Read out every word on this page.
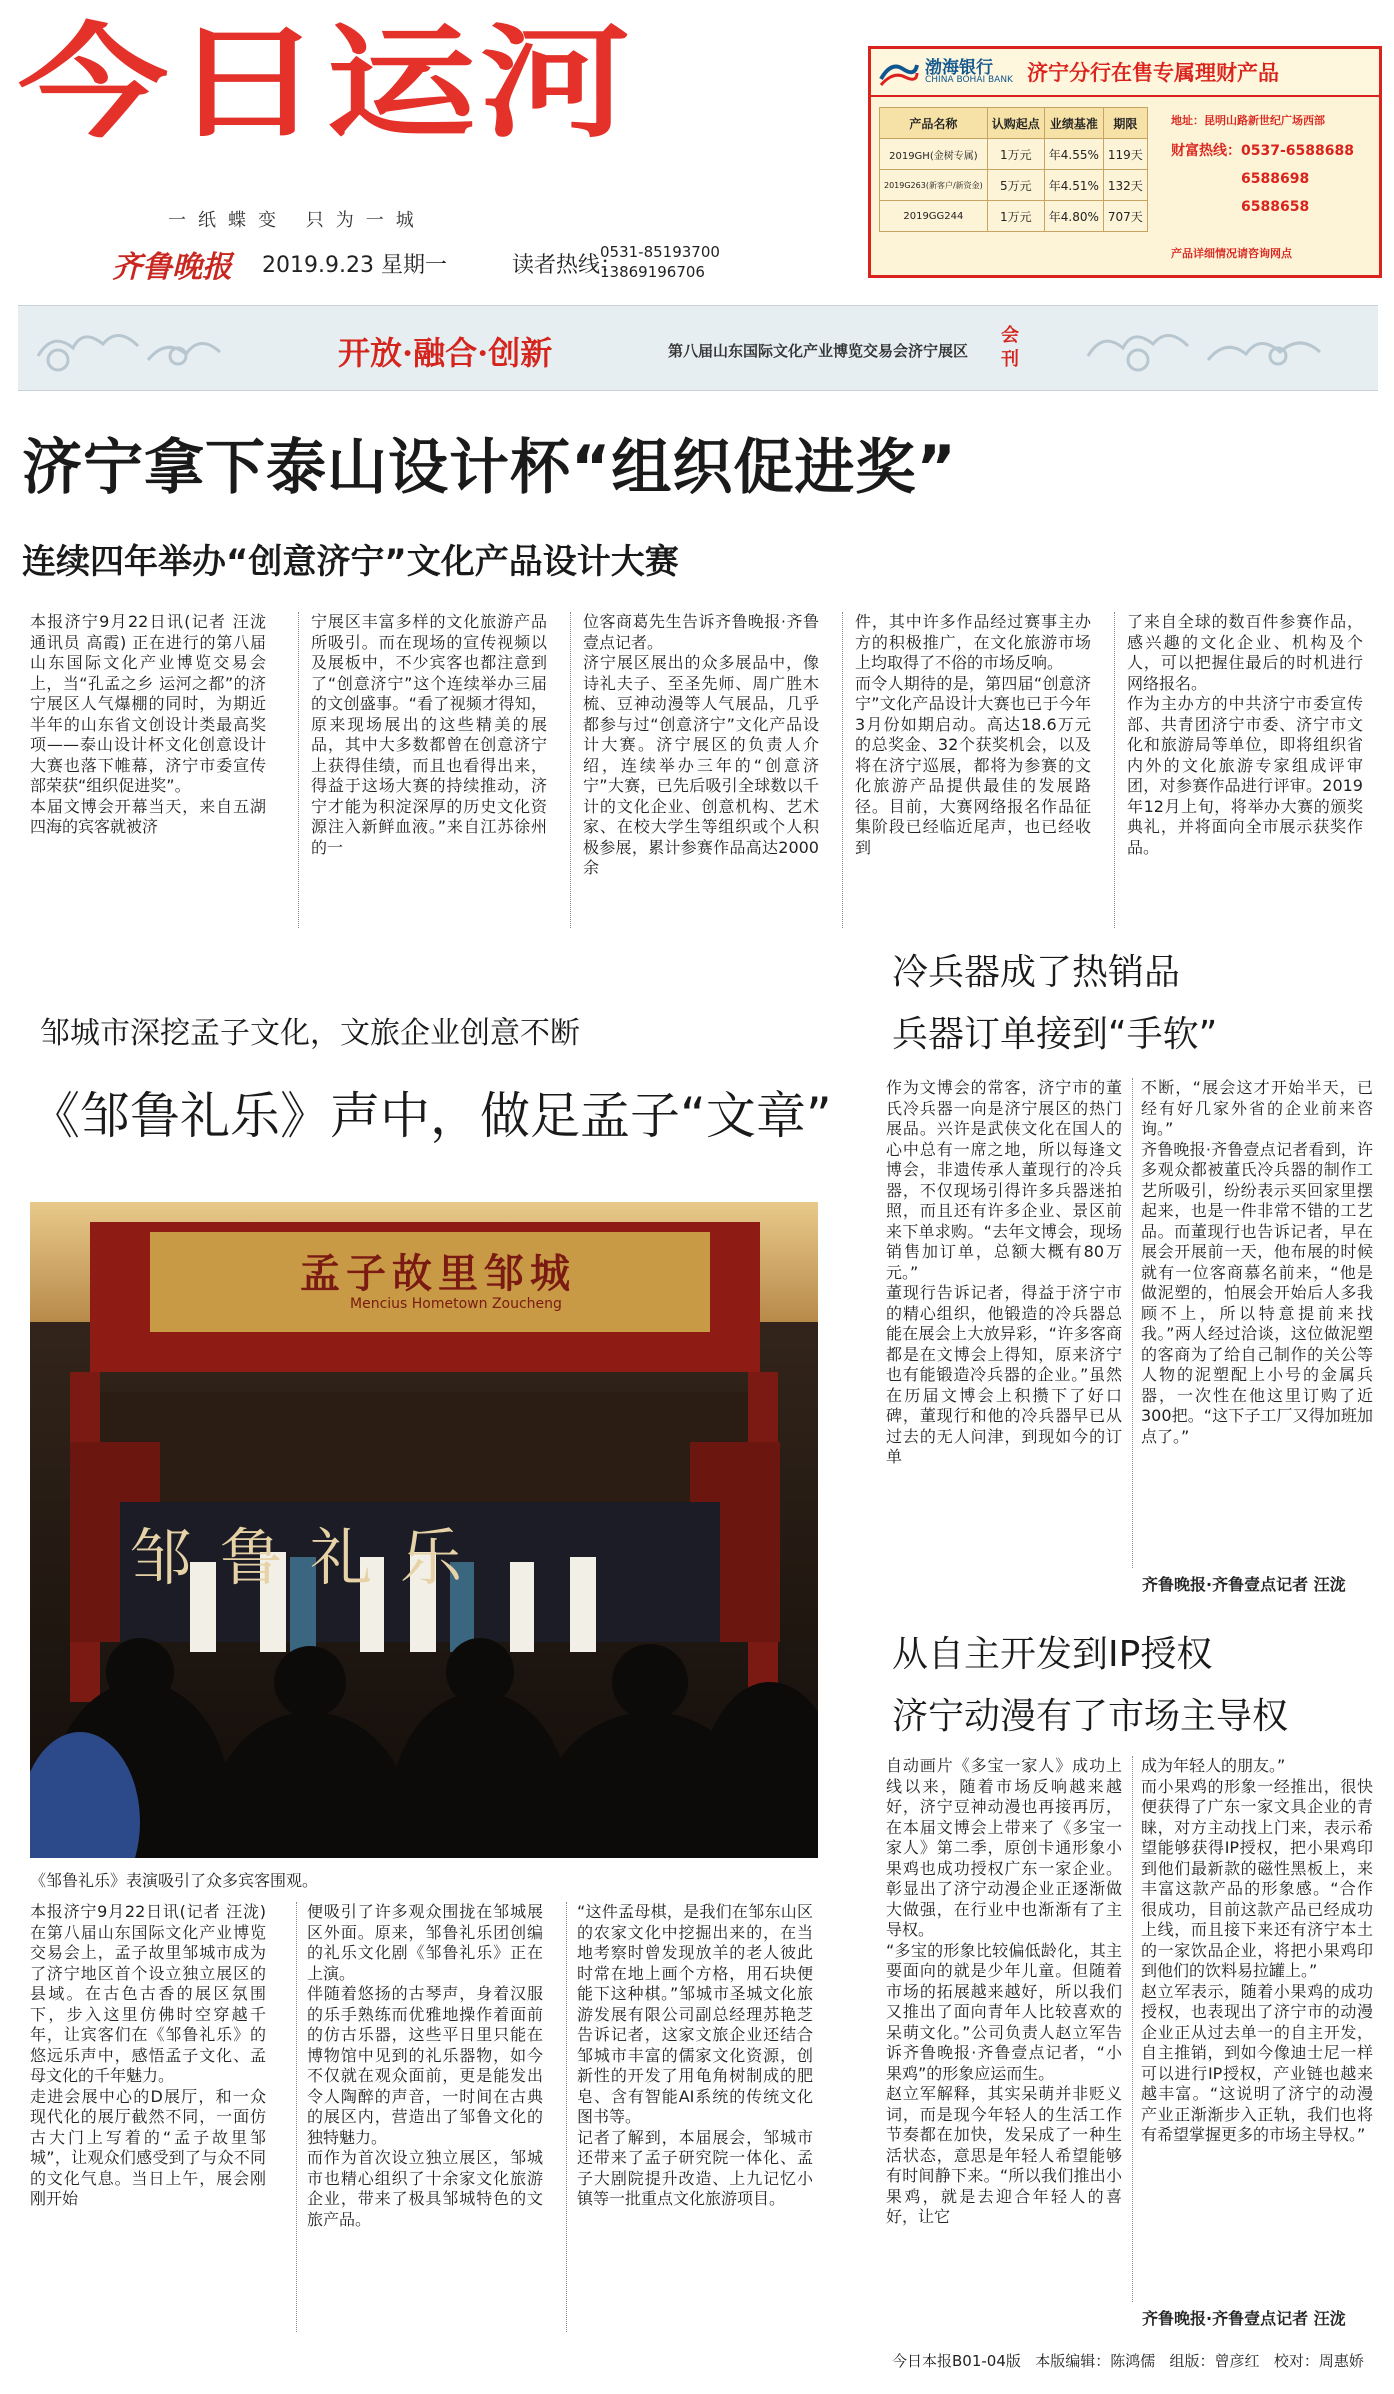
今日运河
一纸蝶变 只为一城
齐鲁晚报 2019.9.23 星期一	读者热线：
0531-85193700
13869196706
渤海银行
CHINA BOHAI BANK 济宁分行在售专属理财产品
产品名称	认购起点	业绩基准	期限
2019GH(金树专属)	1万元	年4.55%	119天
2019G263(新客户/新资金)	5万元	年4.51%	132天
2019GG244	1万元	年4.80%	707天
地址：昆明山路新世纪广场西部
财富热线：0537-6588688
6588698
6588658
产品详细情况请咨询网点
开放·融合·创新	第八届山东国际文化产业博览交易会济宁展区
会刊
济宁拿下泰山设计杯“组织促进奖”
连续四年举办“创意济宁”文化产品设计大赛

本报济宁9月22日讯(记者 汪泷 通讯员 高霞) 正在进行的第八届山东国际文化产业博览交易会上，当“孔孟之乡 运河之都”的济宁展区人气爆棚的同时，为期近半年的山东省文创设计类最高奖项——泰山设计杯文化创意设计大赛也落下帷幕，济宁市委宣传部荣获“组织促进奖”。
本届文博会开幕当天，来自五湖四海的宾客就被济

宁展区丰富多样的文化旅游产品所吸引。而在现场的宣传视频以及展板中，不少宾客也都注意到了“创意济宁”这个连续举办三届的文创盛事。“看了视频才得知，原来现场展出的这些精美的展品，其中大多数都曾在创意济宁上获得佳绩，而且也看得出来，得益于这场大赛的持续推动，济宁才能为积淀深厚的历史文化资源注入新鲜血液。”来自江苏徐州的一

位客商葛先生告诉齐鲁晚报·齐鲁壹点记者。
济宁展区展出的众多展品中，像诗礼夫子、至圣先师、周广胜木梳、豆神动漫等人气展品，几乎都参与过“创意济宁”文化产品设计大赛。济宁展区的负责人介绍，连续举办三年的“创意济宁”大赛，已先后吸引全球数以千计的文化企业、创意机构、艺术家、在校大学生等组织或个人积极参展，累计参赛作品高达2000余

件，其中许多作品经过赛事主办方的积极推广，在文化旅游市场上均取得了不俗的市场反响。
而令人期待的是，第四届“创意济宁”文化产品设计大赛也已于今年3月份如期启动。高达18.6万元的总奖金、32个获奖机会，以及将在济宁巡展，都将为参赛的文化旅游产品提供最佳的发展路径。目前，大赛网络报名作品征集阶段已经临近尾声，也已经收到

了来自全球的数百件参赛作品，感兴趣的文化企业、机构及个人，可以把握住最后的时机进行网络报名。
作为主办方的中共济宁市委宣传部、共青团济宁市委、济宁市文化和旅游局等单位，即将组织省内外的文化旅游专家组成评审团，对参赛作品进行评审。2019年12月上旬，将举办大赛的颁奖典礼，并将面向全市展示获奖作品。

邹城市深挖孟子文化，文旅企业创意不断
《邹鲁礼乐》声中，做足孟子“文章”
孟子故里邹城
Mencius Hometown Zoucheng
邹鲁礼乐
《邹鲁礼乐》表演吸引了众多宾客围观。

本报济宁9月22日讯(记者 汪泷) 在第八届山东国际文化产业博览交易会上，孟子故里邹城市成为了济宁地区首个设立独立展区的县域。在古色古香的展区氛围下，步入这里仿佛时空穿越千年，让宾客们在《邹鲁礼乐》的悠远乐声中，感悟孟子文化、孟母文化的千年魅力。
走进会展中心的D展厅，和一众现代化的展厅截然不同，一面仿古大门上写着的“孟子故里邹城”，让观众们感受到了与众不同的文化气息。当日上午，展会刚刚开始

便吸引了许多观众围拢在邹城展区外面。原来，邹鲁礼乐团创编的礼乐文化剧《邹鲁礼乐》正在上演。
伴随着悠扬的古琴声，身着汉服的乐手熟练而优雅地操作着面前的仿古乐器，这些平日里只能在博物馆中见到的礼乐器物，如今不仅就在观众面前，更是能发出令人陶醉的声音，一时间在古典的展区内，营造出了邹鲁文化的独特魅力。
而作为首次设立独立展区，邹城市也精心组织了十余家文化旅游企业，带来了极具邹城特色的文旅产品。

“这件孟母棋，是我们在邹东山区的农家文化中挖掘出来的，在当地考察时曾发现放羊的老人彼此时常在地上画个方格，用石块便能下这种棋。”邹城市圣城文化旅游发展有限公司副总经理苏艳芝告诉记者，这家文旅企业还结合邹城市丰富的儒家文化资源，创新性的开发了用龟角树制成的肥皂、含有智能AI系统的传统文化图书等。
记者了解到，本届展会，邹城市还带来了孟子研究院一体化、孟子大剧院提升改造、上九记忆小镇等一批重点文化旅游项目。

冷兵器成了热销品
兵器订单接到“手软”

作为文博会的常客，济宁市的董氏冷兵器一向是济宁展区的热门展品。兴许是武侠文化在国人的心中总有一席之地，所以每逢文博会，非遗传承人董现行的冷兵器，不仅现场引得许多兵器迷拍照，而且还有许多企业、景区前来下单求购。“去年文博会，现场销售加订单，总额大概有80万元。”
董现行告诉记者，得益于济宁市的精心组织，他锻造的冷兵器总能在展会上大放异彩，“许多客商都是在文博会上得知，原来济宁也有能锻造冷兵器的企业。”虽然在历届文博会上积攒下了好口碑，董现行和他的冷兵器早已从过去的无人问津，到现如今的订单

不断，“展会这才开始半天，已经有好几家外省的企业前来咨询。”
齐鲁晚报·齐鲁壹点记者看到，许多观众都被董氏冷兵器的制作工艺所吸引，纷纷表示买回家里摆起来，也是一件非常不错的工艺品。而董现行也告诉记者，早在展会开展前一天，他布展的时候就有一位客商慕名前来，“他是做泥塑的，怕展会开始后人多我顾不上，所以特意提前来找我。”两人经过洽谈，这位做泥塑的客商为了给自己制作的关公等人物的泥塑配上小号的金属兵器，一次性在他这里订购了近300把。“这下子工厂又得加班加点了。”

齐鲁晚报·齐鲁壹点记者 汪泷
从自主开发到IP授权
济宁动漫有了市场主导权

自动画片《多宝一家人》成功上线以来，随着市场反响越来越好，济宁豆神动漫也再接再厉，在本届文博会上带来了《多宝一家人》第二季，原创卡通形象小果鸡也成功授权广东一家企业。彰显出了济宁动漫企业正逐渐做大做强，在行业中也渐渐有了主导权。
“多宝的形象比较偏低龄化，其主要面向的就是少年儿童。但随着市场的拓展越来越好，所以我们又推出了面向青年人比较喜欢的呆萌文化。”公司负责人赵立军告诉齐鲁晚报·齐鲁壹点记者，“小果鸡”的形象应运而生。
赵立军解释，其实呆萌并非贬义词，而是现今年轻人的生活工作节奏都在加快，发呆成了一种生活状态，意思是年轻人希望能够有时间静下来。“所以我们推出小果鸡，就是去迎合年轻人的喜好，让它

成为年轻人的朋友。”
而小果鸡的形象一经推出，很快便获得了广东一家文具企业的青睐，对方主动找上门来，表示希望能够获得IP授权，把小果鸡印到他们最新款的磁性黑板上，来丰富这款产品的形象感。“合作很成功，目前这款产品已经成功上线，而且接下来还有济宁本土的一家饮品企业，将把小果鸡印到他们的饮料易拉罐上。”
赵立军表示，随着小果鸡的成功授权，也表现出了济宁市的动漫企业正从过去单一的自主开发，自主推销，到如今像迪士尼一样可以进行IP授权，产业链也越来越丰富。“这说明了济宁的动漫产业正渐渐步入正轨，我们也将有希望掌握更多的市场主导权。”

齐鲁晚报·齐鲁壹点记者 汪泷
今日本报B01-04版 本版编辑：陈鸿儒 组版：曾彦红 校对：周惠娇
